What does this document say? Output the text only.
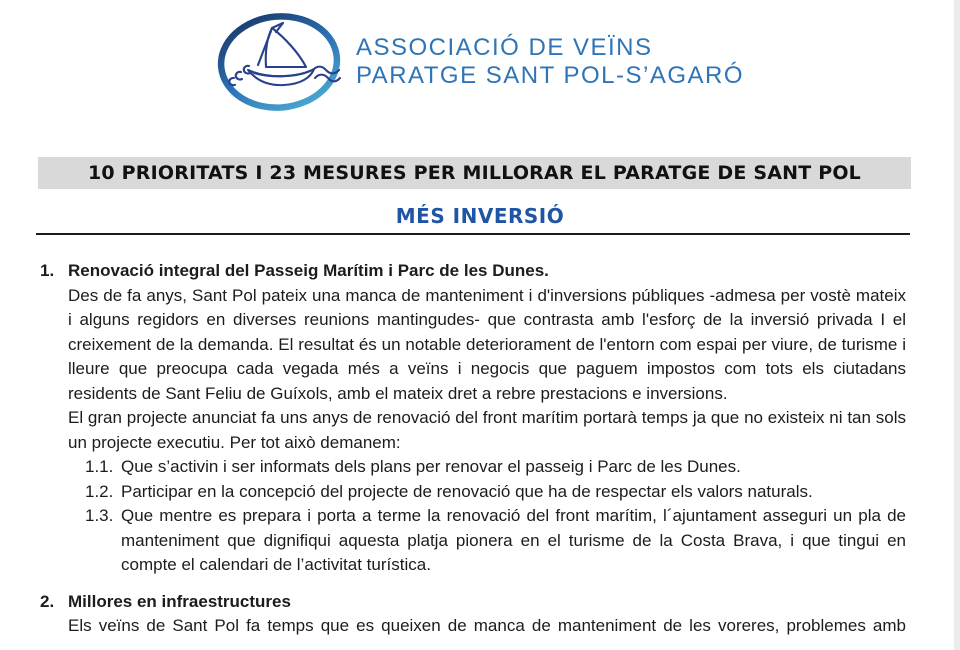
ASSOCIACIÓ DE VEÏNS
PARATGE SANT POL-S’AGARÓ
10 PRIORITATS I 23 MESURES PER MILLORAR EL PARATGE DE SANT POL
MÉS INVERSIÓ
1. Renovació integral del Passeig Marítim i Parc de les Dunes.

Des de fa anys, Sant Pol pateix una manca de manteniment i d'inversions públiques -admesa per vostè mateix i alguns regidors en diverses reunions mantingudes- que contrasta amb l'esforç de la inversió privada I el creixement de la demanda. El resultat és un notable deteriorament de l'entorn com espai per viure, de turisme i lleure que preocupa cada vegada més a veïns i negocis que paguem impostos com tots els ciutadans residents de Sant Feliu de Guíxols, amb el mateix dret a rebre prestacions e inversions.

El gran projecte anunciat fa uns anys de renovació del front marítim portarà temps ja que no existeix ni tan sols un projecte executiu. Per tot això demanem:

1.1. Que s’activin i ser informats dels plans per renovar el passeig i Parc de les Dunes.
1.2. Participar en la concepció del projecte de renovació que ha de respectar els valors naturals.
1.3. Que mentre es prepara i porta a terme la renovació del front marítim, l´ajuntament asseguri un pla de manteniment que dignifiqui aquesta platja pionera en el turisme de la Costa Brava, i que tingui en compte el calendari de l’activitat turística.
2. Millores en infraestructures

Els veïns de Sant Pol fa temps que es queixen de manca de manteniment de les voreres, problemes amb
